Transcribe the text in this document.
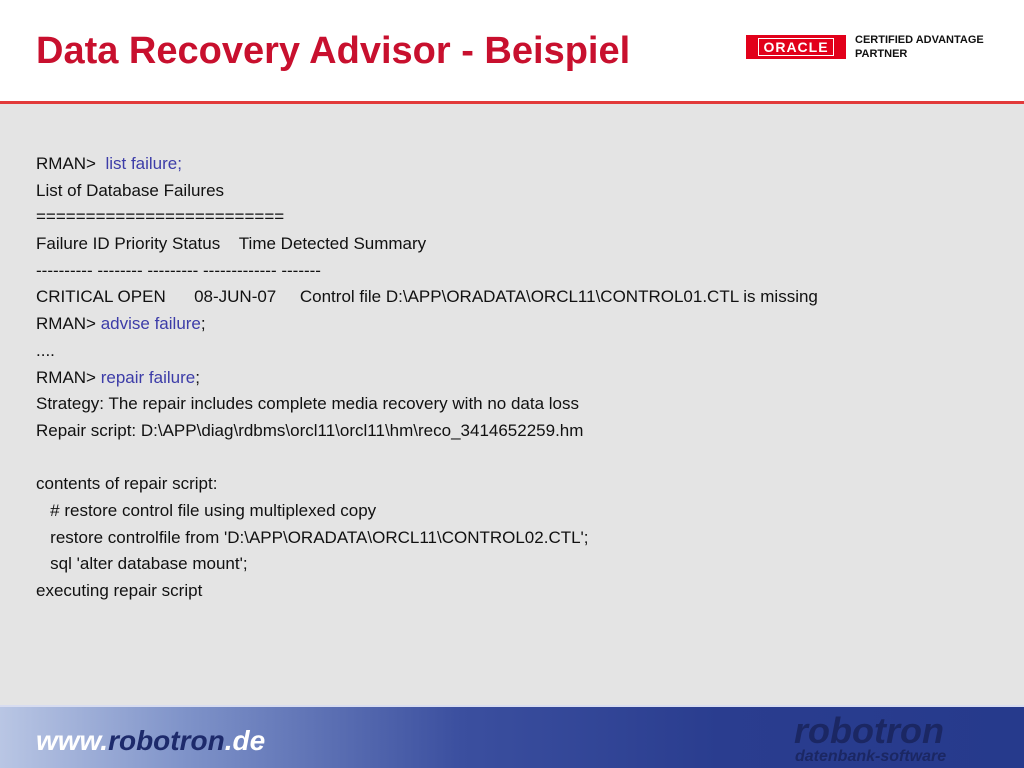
Data Recovery Advisor - Beispiel	ORACLE	CERTIFIED ADVANTAGE
PARTNER
RMAN>  list failure;
List of Database Failures
=========================
Failure ID Priority Status    Time Detected Summary
---------- -------- --------- ------------- -------
CRITICAL OPEN      08-JUN-07     Control file D:\APP\ORADATA\ORCL11\CONTROL01.CTL is missing
RMAN> advise failure;
....
RMAN> repair failure;
Strategy: The repair includes complete media recovery with no data loss
Repair script: D:\APP\diag\rdbms\orcl11\orcl11\hm\reco_3414652259.hm
contents of repair script:
# restore control file using multiplexed copy
restore controlfile from 'D:\APP\ORADATA\ORCL11\CONTROL02.CTL';
sql 'alter database mount';
executing repair script
www.robotron.de	robotron
datenbank-software
